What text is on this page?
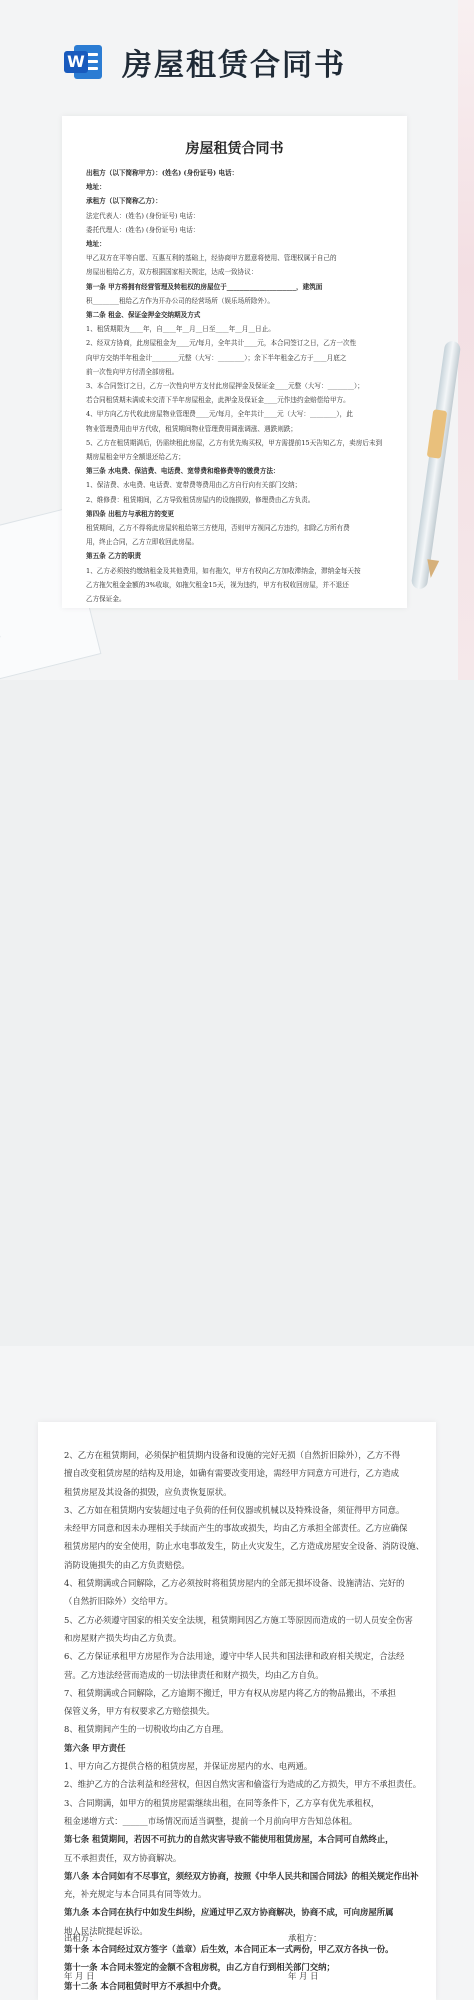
W 房屋租赁合同书
房屋租赁合同书
出租方（以下简称甲方）：(姓名) (身份证号) 电话：
地址：
承租方（以下简称乙方）：
法定代表人：(姓名) (身份证号) 电话：
委托代理人：(姓名) (身份证号) 电话：
地址：
甲乙双方在平等自愿、互惠互利的基础上，经协商甲方愿意将使用、管理权属于自己的
房屋出租给乙方，双方根据国家相关规定，达成一致协议：
第一条 甲方将拥有经营管理及转租权的房屋位于_____________________，建筑面
积________租给乙方作为开办公司的经营场所（娱乐场所除外）。
第二条 租金、保证金押金交纳期及方式
1、租赁期限为____年，自____年__月__日至____年__月__日止。
2、经双方协商，此房屋租金为____元/每月，全年共计____元，本合同签订之日，乙方一次性
向甲方交纳半年租金计________元整（大写：________）；余下半年租金乙方于____月底之
前一次性向甲方付清全部房租。
3、本合同签订之日，乙方一次性向甲方支付此房屋押金及保证金____元整（大写：________）；
若合同租赁期未满或未交清下半年房屋租金，此押金及保证金____元作违约金赔偿给甲方。
4、甲方向乙方代收此房屋物业管理费____元/每月，全年共计____元（大写：________），此
物业管理费用由甲方代收，租赁期间物业管理费用调涨调涨、遇跌则跌；
5、乙方在租赁期满后，仍需续租此房屋，乙方有优先购买权，甲方需提前15天告知乙方，卖房后未到
期房屋租金甲方全额退还给乙方；
第三条 水电费、保洁费、电话费、宽带费和维修费等的缴费方法：
1、保洁费、水电费、电话费、宽带费等费用由乙方自行向有关部门交纳；
2、维修费：租赁期间，乙方导致租赁房屋内的设施损毁，修理费由乙方负责。
第四条 出租方与承租方的变更
租赁期间，乙方不得将此房屋转租给第三方使用，否则甲方视同乙方违约，扣除乙方所有费
用，终止合同，乙方立即收回此房屋。
第五条 乙方的职责
1、乙方必须按约缴纳租金及其他费用，如有拖欠，甲方有权向乙方加收滞纳金，滞纳金每天按
乙方拖欠租金金额的3%收取，如拖欠租金15天，视为违约，甲方有权收回房屋，并不退还
乙方保证金。
2、乙方在租赁期间，必须保护租赁期内设备和设施的完好无损（自然折旧除外），乙方不得
擅自改变租赁房屋的结构及用途，如确有需要改变用途，需经甲方同意方可进行，乙方造成
租赁房屋及其设备的损毁，应负责恢复原状。
3、乙方如在租赁期内安装超过电子负荷的任何仪器或机械以及特殊设备，须征得甲方同意。
未经甲方同意和因未办理相关手续而产生的事故或损失，均由乙方承担全部责任。乙方应确保
租赁房屋内的安全使用，防止水电事故发生，防止火灾发生，乙方造成房屋安全设备、消防设施、
消防设施损失的由乙方负责赔偿。
4、租赁期满或合同解除，乙方必须按时将租赁房屋内的全部无损坏设备、设施清洁、完好的
（自然折旧除外）交给甲方。
5、乙方必须遵守国家的相关安全法规，租赁期间因乙方施工等原因而造成的一切人员安全伤害
和房屋财产损失均由乙方负责。
6、乙方保证承租甲方房屋作为合法用途，遵守中华人民共和国法律和政府相关规定，合法经
营。乙方违法经营而造成的一切法律责任和财产损失，均由乙方自负。
7、租赁期满或合同解除，乙方逾期不搬迁，甲方有权从房屋内将乙方的物品搬出，不承担
保管义务，甲方有权要求乙方赔偿损失。
8、租赁期间产生的一切税收均由乙方自理。
第六条 甲方责任
1、甲方向乙方提供合格的租赁房屋，并保证房屋内的水、电两通。
2、维护乙方的合法利益和经营权，但因自然灾害和偷盗行为造成的乙方损失，甲方不承担责任。
3、合同期满，如甲方的租赁房屋需继续出租，在同等条件下，乙方享有优先承租权，
租金递增方式：______市场情况而适当调整，提前一个月前向甲方告知总体租。
第七条 租赁期间，若因不可抗力的自然灾害导致不能使用租赁房屋，本合同可自然终止，
互不承担责任，双方协商解决。
第八条 本合同如有不尽事宜，须经双方协商，按照《中华人民共和国合同法》的相关规定作出补
充，补充规定与本合同具有同等效力。
第九条 本合同在执行中如发生纠纷，应通过甲乙双方协商解决，协商不成，可向房屋所属
地人民法院提起诉讼。
第十条 本合同经过双方签字（盖章）后生效，本合同正本一式两份，甲乙双方各执一份。
第十一条 本合同未签定的金额不含租房税，由乙方自行到相关部门交纳；
第十二条 本合同租赁时甲方不承担中介费。
出租方：	承租方：
年 月 日	年 月 日
